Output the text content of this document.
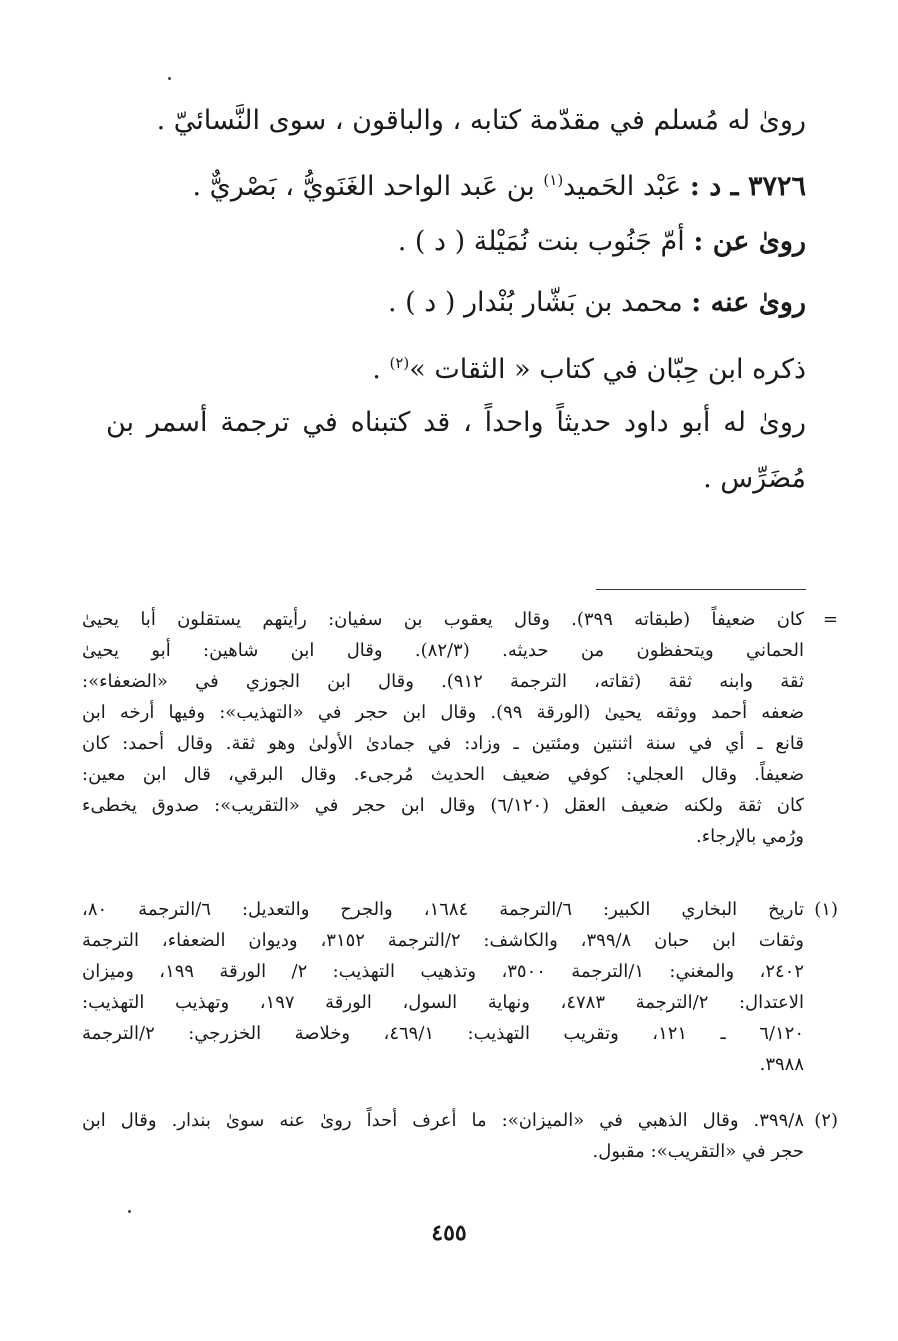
روىٰ له مُسلم في مقدّمة كتابه ، والباقون ، سوى النَّسائيّ .
٣٧٢٦ ـ د : عَبْد الحَميد$^{(١)}$ بن عَبد الواحد الغَنَويُّ ، بَصْريٌّ .
روىٰ عن : أمّ جَنُوب بنت نُمَيْلة ( د ) .
روىٰ عنه : محمد بن بَشّار بُنْدار ( د ) .
ذكره ابن حِبّان في كتاب « الثقات »$^{(٢)}$ .
روىٰ له أبو داود حديثاً واحداً ، قد كتبناه في ترجمة أسمر بن
مُضَرِّس .
=
كان ضعيفاً (طبقاته ٣٩٩). وقال يعقوب بن سفيان: رأيتهم يستقلون أبا يحيىٰ
الحماني ويتحفظون من حديثه. (٨٢/٣). وقال ابن شاهين: أبو يحيىٰ
ثقة وابنه ثقة (ثقاته، الترجمة ٩١٢). وقال ابن الجوزي في «الضعفاء»:
ضعفه أحمد ووثقه يحيىٰ (الورقة ٩٩). وقال ابن حجر في «التهذيب»: وفيها أرخه ابن
قانع ـ أي في سنة اثنتين ومئتين ـ وزاد: في جمادىٰ الأولىٰ وهو ثقة. وقال أحمد: كان
ضعيفاً. وقال العجلي: كوفي ضعيف الحديث مُرجىء. وقال البرقي، قال ابن معين:
كان ثقة ولكنه ضعيف العقل (٦/١٢٠) وقال ابن حجر في «التقريب»: صدوق يخطىء
ورُمي بالإرجاء.
(١)
تاريخ البخاري الكبير: ٦/الترجمة ١٦٨٤، والجرح والتعديل: ٦/الترجمة ٨٠،
وثقات ابن حبان ٣٩٩/٨، والكاشف: ٢/الترجمة ٣١٥٢، وديوان الضعفاء، الترجمة
٢٤٠٢، والمغني: ١/الترجمة ٣٥٠٠، وتذهيب التهذيب: ٢/ الورقة ١٩٩، وميزان
الاعتدال: ٢/الترجمة ٤٧٨٣، ونهاية السول، الورقة ١٩٧، وتهذيب التهذيب:
٦/١٢٠ ـ ١٢١، وتقريب التهذيب: ٤٦٩/١، وخلاصة الخزرجي: ٢/الترجمة
٣٩٨٨.
(٢)
٣٩٩/٨. وقال الذهبي في «الميزان»: ما أعرف أحداً روىٰ عنه سوىٰ بندار. وقال ابن
حجر في «التقريب»: مقبول.
٤٥٥
